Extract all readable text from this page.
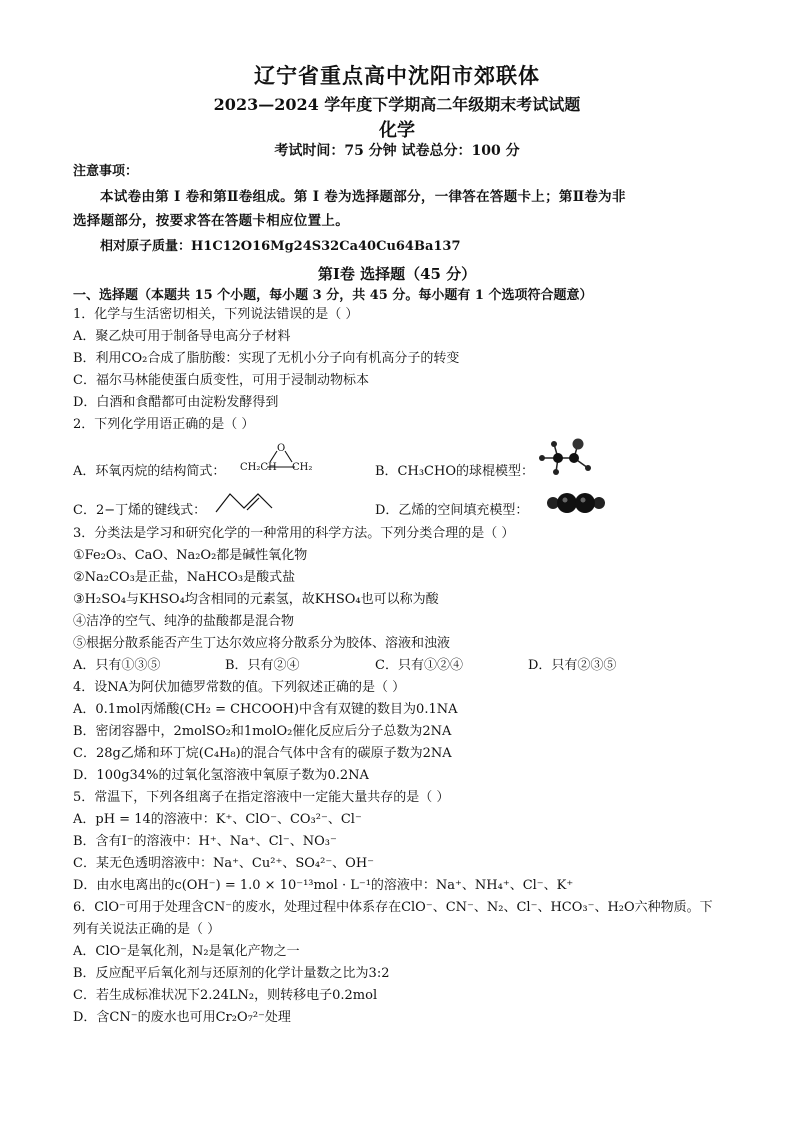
辽宁省重点高中沈阳市郊联体
2023—2024 学年度下学期高二年级期末考试试题
化学
考试时间：75 分钟 试卷总分：100 分
注意事项：
本试卷由第 I 卷和第Ⅱ卷组成。第 I 卷为选择题部分，一律答在答题卡上；第Ⅱ卷为非
选择题部分，按要求答在答题卡相应位置上。
相对原子质量：H1C12O16Mg24S32Ca40Cu64Ba137
第Ⅰ卷 选择题（45 分）
一、选择题（本题共 15 个小题，每小题 3 分，共 45 分。每小题有 1 个选项符合题意）
1．化学与生活密切相关，下列说法错误的是（ ）
A．聚乙炔可用于制备导电高分子材料
B．利用CO₂合成了脂肪酸：实现了无机小分子向有机高分子的转变
C．福尔马林能使蛋白质变性，可用于浸制动物标本
D．白酒和食醋都可由淀粉发酵得到
2．下列化学用语正确的是（ ）
A．环氧丙烷的结构简式： CH₂CH CH₂
O
B．CH₃CHO的球棍模型：
C．2−丁烯的键线式：	D．乙烯的空间填充模型：
3．分类法是学习和研究化学的一种常用的科学方法。下列分类合理的是（ ）
①Fe₂O₃、CaO、Na₂O₂都是碱性氧化物
②Na₂CO₃是正盐，NaHCO₃是酸式盐
③H₂SO₄与KHSO₄均含相同的元素氢，故KHSO₄也可以称为酸
④洁净的空气、纯净的盐酸都是混合物
⑤根据分散系能否产生丁达尔效应将分散系分为胶体、溶液和浊液
A．只有①③⑤	B．只有②④	C．只有①②④	D．只有②③⑤
4．设NA为阿伏加德罗常数的值。下列叙述正确的是（ ）
A．0.1mol丙烯酸(CH₂ = CHCOOH)中含有双键的数目为0.1NA
B．密闭容器中，2molSO₂和1molO₂催化反应后分子总数为2NA
C．28g乙烯和环丁烷(C₄H₈)的混合气体中含有的碳原子数为2NA
D．100g34%的过氧化氢溶液中氧原子数为0.2NA
5．常温下，下列各组离子在指定溶液中一定能大量共存的是（ ）
A．pH = 14的溶液中：K⁺、ClO⁻、CO₃²⁻、Cl⁻
B．含有I⁻的溶液中：H⁺、Na⁺、Cl⁻、NO₃⁻
C．某无色透明溶液中：Na⁺、Cu²⁺、SO₄²⁻、OH⁻
D．由水电离出的c(OH⁻) = 1.0 × 10⁻¹³mol · L⁻¹的溶液中：Na⁺、NH₄⁺、Cl⁻、K⁺
6．ClO⁻可用于处理含CN⁻的废水，处理过程中体系存在ClO⁻、CN⁻、N₂、Cl⁻、HCO₃⁻、H₂O六种物质。下
列有关说法正确的是（ ）
A．ClO⁻是氧化剂，N₂是氧化产物之一
B．反应配平后氧化剂与还原剂的化学计量数之比为3:2
C．若生成标准状况下2.24LN₂，则转移电子0.2mol
D．含CN⁻的废水也可用Cr₂O₇²⁻处理
